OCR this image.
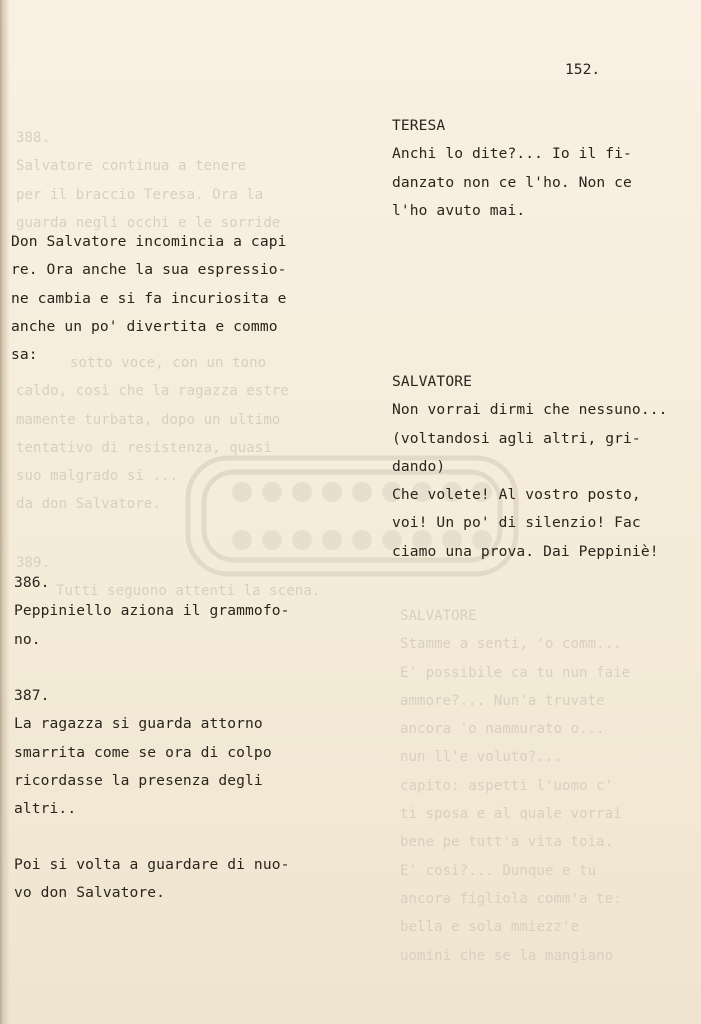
388.
Salvatore continua a tenere
per il braccio Teresa. Ora la
guarda negli occhi e le sorride
sotto voce, con un tono
caldo, così che la ragazza estre
mamente turbata, dopo un ultimo
tentativo di resistenza, quasi
suo malgrado si ...
da don Salvatore.
389.
Tutti seguono attenti la scena.
SALVATORE
Stamme a senti, 'o comm...
E' possibile ca tu nun faie
ammore?... Nun'a truvate
ancora 'o nammurato o...
nun ll'e voluto?...
capito: aspetti l'uomo c'
ti sposa e al quale vorrai
bene pe tutt'a vita toia.
E' così?... Dunque e tu
ancora figliola comm'a te:
bella e sola mmiezz'e
uomini che se la mangiano
152.
TERESA
Anchi lo dite?... Io il fi-
danzato non ce l'ho. Non ce
l'ho avuto mai.
SALVATORE
Non vorrai dirmi che nessuno...
(voltandosi agli altri, gri-
dando)
Che volete! Al vostro posto,
voi! Un po' di silenzio! Fac
ciamo una prova. Dai Peppiniè!
Don Salvatore incomincia a capi
re. Ora anche la sua espressio-
ne cambia e si fa incuriosita e
anche un po' divertita e commo
sa:
386.
Peppiniello aziona il grammofo-
no.
387.
La ragazza si guarda attorno
smarrita come se ora di colpo
ricordasse la presenza degli
altri..
Poi si volta a guardare di nuo-
vo don Salvatore.
